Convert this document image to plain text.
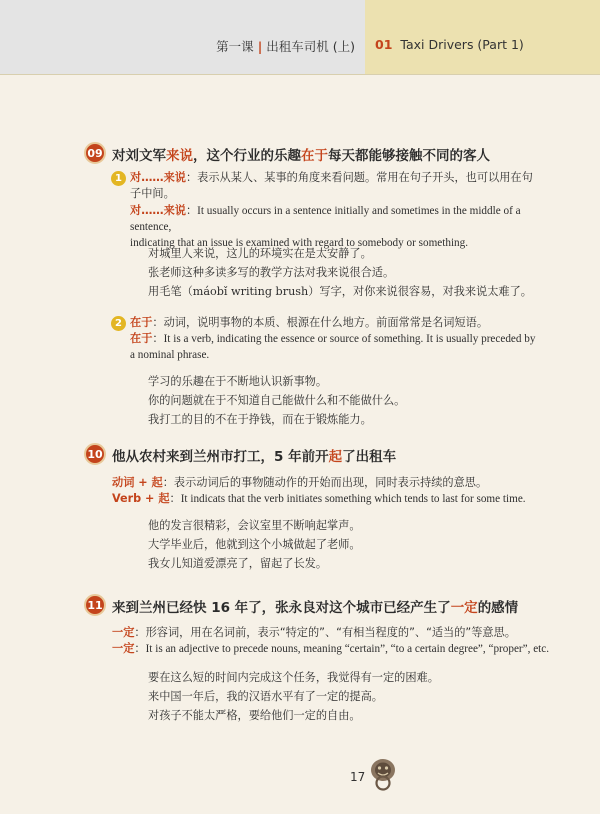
第一课 | 出租车司机 (上) 01 Taxi Drivers (Part 1)
09 对刘文军来说，这个行业的乐趣在于每天都能够接触不同的客人
1 对……来说：表示从某人、某事的角度来看问题。常用在句子开头，也可以用在句
子中间。
对……来说：It usually occurs in a sentence initially and sometimes in the middle of a sentence,
indicating that an issue is examined with regard to somebody or something.
对城里人来说，这儿的环境实在是太安静了。
张老师这种多读多写的教学方法对我来说很合适。
用毛笔（máobǐ writing brush）写字，对你来说很容易，对我来说太难了。
2 在于：动词，说明事物的本质、根源在什么地方。前面常常是名词短语。
在于：It is a verb, indicating the essence or source of something. It is usually preceded by
a nominal phrase.
学习的乐趣在于不断地认识新事物。
你的问题就在于不知道自己能做什么和不能做什么。
我打工的目的不在于挣钱，而在于锻炼能力。
10 他从农村来到兰州市打工，5 年前开起了出租车
动词 + 起：表示动词后的事物随动作的开始而出现，同时表示持续的意思。
Verb + 起：It indicats that the verb initiates something which tends to last for some time.
他的发言很精彩，会议室里不断响起掌声。
大学毕业后，他就到这个小城做起了老师。
我女儿知道爱漂亮了，留起了长发。
11 来到兰州已经快 16 年了，张永良对这个城市已经产生了一定的感情
一定：形容词，用在名词前，表示“特定的”、“有相当程度的”、“适当的”等意思。
一定：It is an adjective to precede nouns, meaning “certain”, “to a certain degree”, “proper”, etc.
要在这么短的时间内完成这个任务，我觉得有一定的困难。
来中国一年后，我的汉语水平有了一定的提高。
对孩子不能太严格，要给他们一定的自由。
17
